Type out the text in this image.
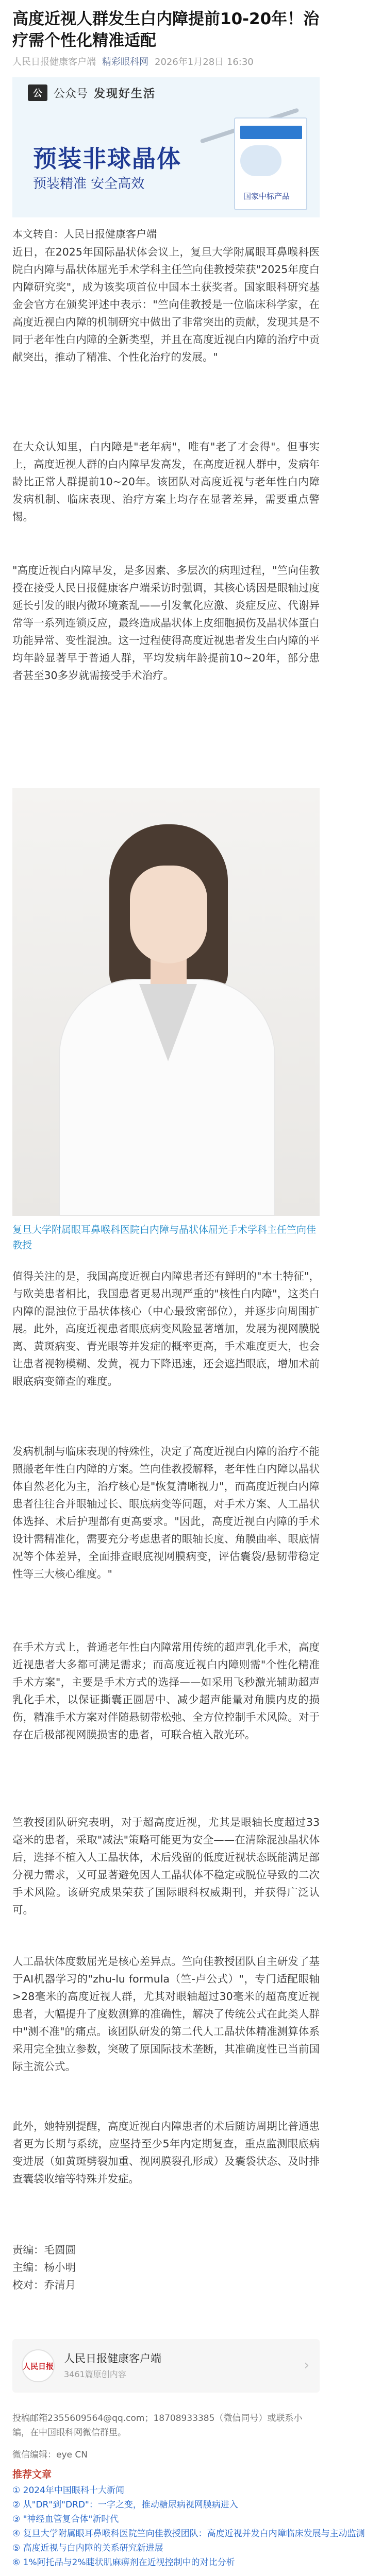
高度近视人群发生白内障提前10-20年！治疗需个性化精准适配
人民日报健康客户端 精彩眼科网 2026年1月28日 16:30
公	公众号 发现好生活
预装非球晶体
预装精准 安全高效
国家中标产品
本文转自：人民日报健康客户端

近日，在2025年国际晶状体会议上，复旦大学附属眼耳鼻喉科医院白内障与晶状体屈光手术学科主任竺向佳教授荣获"2025年度白内障研究奖"，成为该奖项首位中国本土获奖者。国家眼科研究基金会官方在颁奖评述中表示："竺向佳教授是一位临床科学家，在高度近视白内障的机制研究中做出了非常突出的贡献，发现其是不同于老年性白内障的全新类型，并且在高度近视白内障的治疗中贡献突出，推动了精准、个性化治疗的发展。"

在大众认知里，白内障是"老年病"，唯有"老了才会得"。但事实上，高度近视人群的白内障早发高发，在高度近视人群中，发病年龄比正常人群提前10~20年。该团队对高度近视与老年性白内障发病机制、临床表现、治疗方案上均存在显著差异，需要重点警惕。

"高度近视白内障早发，是多因素、多层次的病理过程，"竺向佳教授在接受人民日报健康客户端采访时强调，其核心诱因是眼轴过度延长引发的眼内微环境紊乱——引发氧化应激、炎症反应、代谢异常等一系列连锁反应，最终造成晶状体上皮细胞损伤及晶状体蛋白功能异常、变性混浊。这一过程使得高度近视患者发生白内障的平均年龄显著早于普通人群，平均发病年龄提前10~20年，部分患者甚至30多岁就需接受手术治疗。

复旦大学附属眼耳鼻喉科医院白内障与晶状体屈光手术学科主任竺向佳教授

值得关注的是，我国高度近视白内障患者还有鲜明的"本土特征"，与欧美患者相比，我国患者更易出现严重的"核性白内障"，这类白内障的混浊位于晶状体核心（中心最致密部位），并逐步向周围扩展。此外，高度近视患者眼底病变风险显著增加，发展为视网膜脱离、黄斑病变、青光眼等并发症的概率更高，手术难度更大，也会让患者视物模糊、发黄，视力下降迅速，还会遮挡眼底，增加术前眼底病变筛查的难度。

发病机制与临床表现的特殊性，决定了高度近视白内障的治疗不能照搬老年性白内障的方案。竺向佳教授解释，老年性白内障以晶状体自然老化为主，治疗核心是"恢复清晰视力"，而高度近视白内障患者往往合并眼轴过长、眼底病变等问题，对手术方案、人工晶状体选择、术后护理都有更高要求。"因此，高度近视白内障的手术设计需精准化，需要充分考虑患者的眼轴长度、角膜曲率、眼底情况等个体差异，全面排查眼底视网膜病变，评估囊袋/悬韧带稳定性等三大核心维度。"

在手术方式上，普通老年性白内障常用传统的超声乳化手术，高度近视患者大多都可满足需求；而高度近视白内障则需"个性化精准手术方案"，主要是手术方式的选择——如采用飞秒激光辅助超声乳化手术，以保证撕囊正圆居中、减少超声能量对角膜内皮的损伤，精准手术方案对伴随悬韧带松弛、全方位控制手术风险。对于存在后极部视网膜损害的患者，可联合植入散光环。

竺教授团队研究表明，对于超高度近视，尤其是眼轴长度超过33毫米的患者，采取"减法"策略可能更为安全——在清除混浊晶状体后，选择不植入人工晶状体，术后残留的低度近视状态既能满足部分视力需求，又可显著避免因人工晶状体不稳定或脱位导致的二次手术风险。该研究成果荣获了国际眼科权威期刊，并获得广泛认可。

人工晶状体度数屈光是核心差异点。竺向佳教授团队自主研发了基于AI机器学习的"zhu-lu formula（竺-卢公式）"，专门适配眼轴>28毫米的高度近视人群，尤其对眼轴超过30毫米的超高度近视患者，大幅提升了度数测算的准确性，解决了传统公式在此类人群中"测不准"的痛点。该团队研发的第二代人工晶状体精准测算体系采用完全独立参数，突破了原国际技术垄断，其准确度性已当前国际主流公式。

此外，她特别提醒，高度近视白内障患者的术后随访周期比普通患者更为长期与系统，应坚持至少5年内定期复查，重点监测眼底病变进展（如黄斑劈裂加重、视网膜裂孔形成）及囊袋状态、及时排查囊袋收缩等特殊并发症。

责编：毛圆圆
主编：杨小明
校对：乔清月
人民日报
人民日报健康客户端
3461篇原创内容
›
投稿邮箱2355609564@qq.com；18708933385（微信同号）或联系小编，在中国眼科网微信群里。
微信编辑：eye CN
推荐文章
① 2024年中国眼科十大新闻
② 从"DR"到"DRD"：一字之变，推动糖尿病视网膜病进入
③ "神经血管复合体"新时代
④ 复旦大学附属眼耳鼻喉科医院竺向佳教授团队：高度近视并发白内障临床发展与主动监测
⑤ 高度近视与白内障的关系研究新进展
⑥ 1%阿托品与2%睫状肌麻痹剂在近视控制中的对比分析
